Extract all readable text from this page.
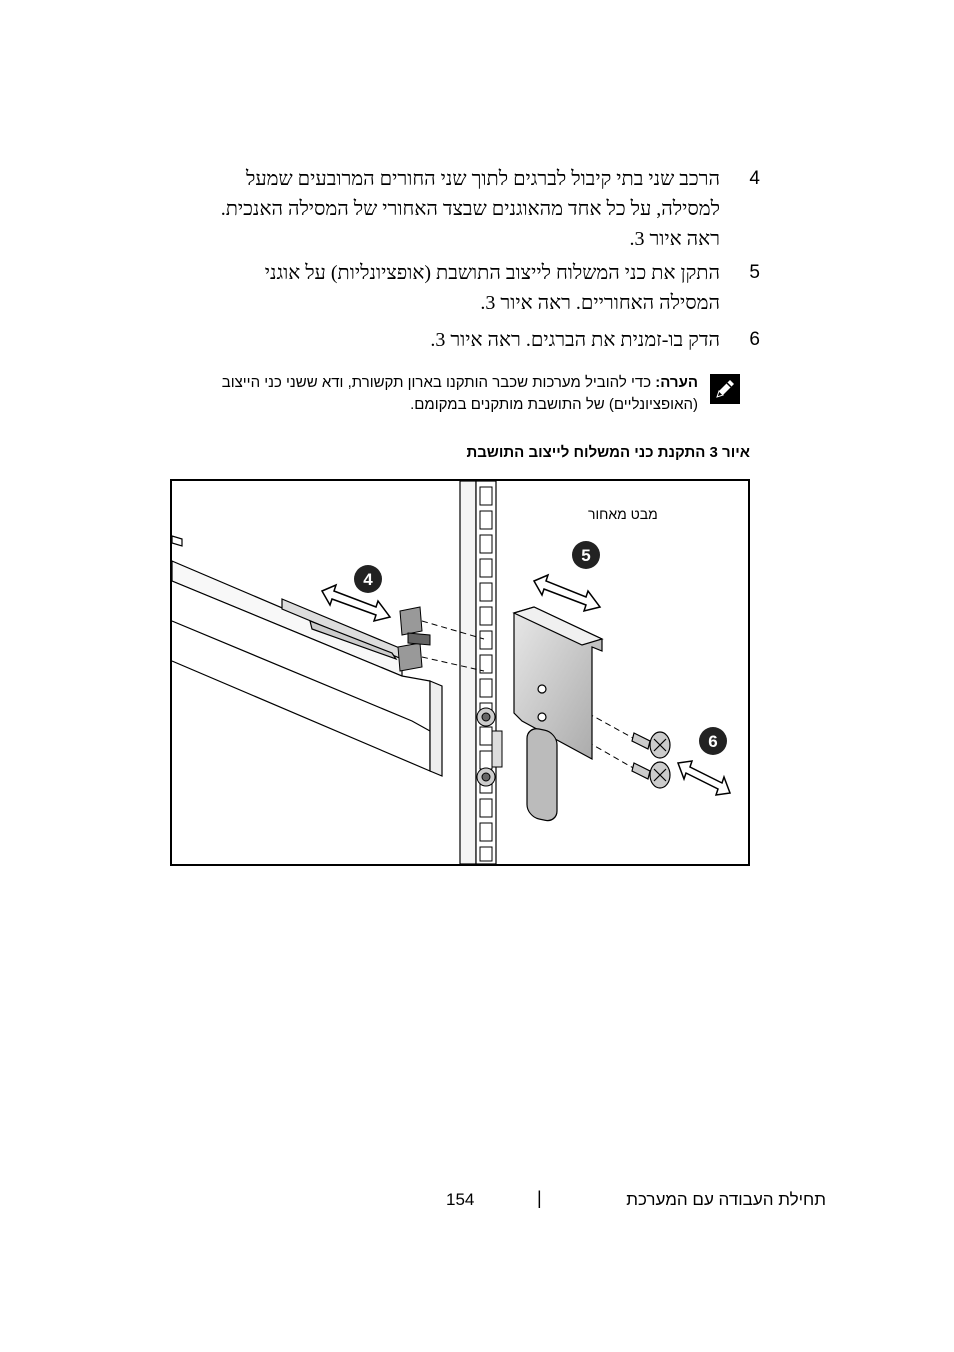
4
הרכב שני בתי קיבול לברגים לתוך שני החורים המרובעים שמעל
למסילה, על כל אחד מהאוגנים שבצד האחורי של המסילה האנכית.
ראה איור 3.
5
התקן את כני המשלוח לייצוב התושבת (אופציונליות) על אוגני
המסילה האחוריים. ראה איור 3.
6
הדק בו-זמנית את הברגים. ראה איור 3.
הערה: כדי להוביל מערכות שכבר הותקנו בארון תקשורת, ודא ששני כני הייצוב
(האופציונליים) של התושבת מותקנים במקומם.
איור 3 התקנת כני המשלוח לייצוב התושבת
4
5
6
מבט מאחור
תחילת העבודה עם המערכת
|
154
